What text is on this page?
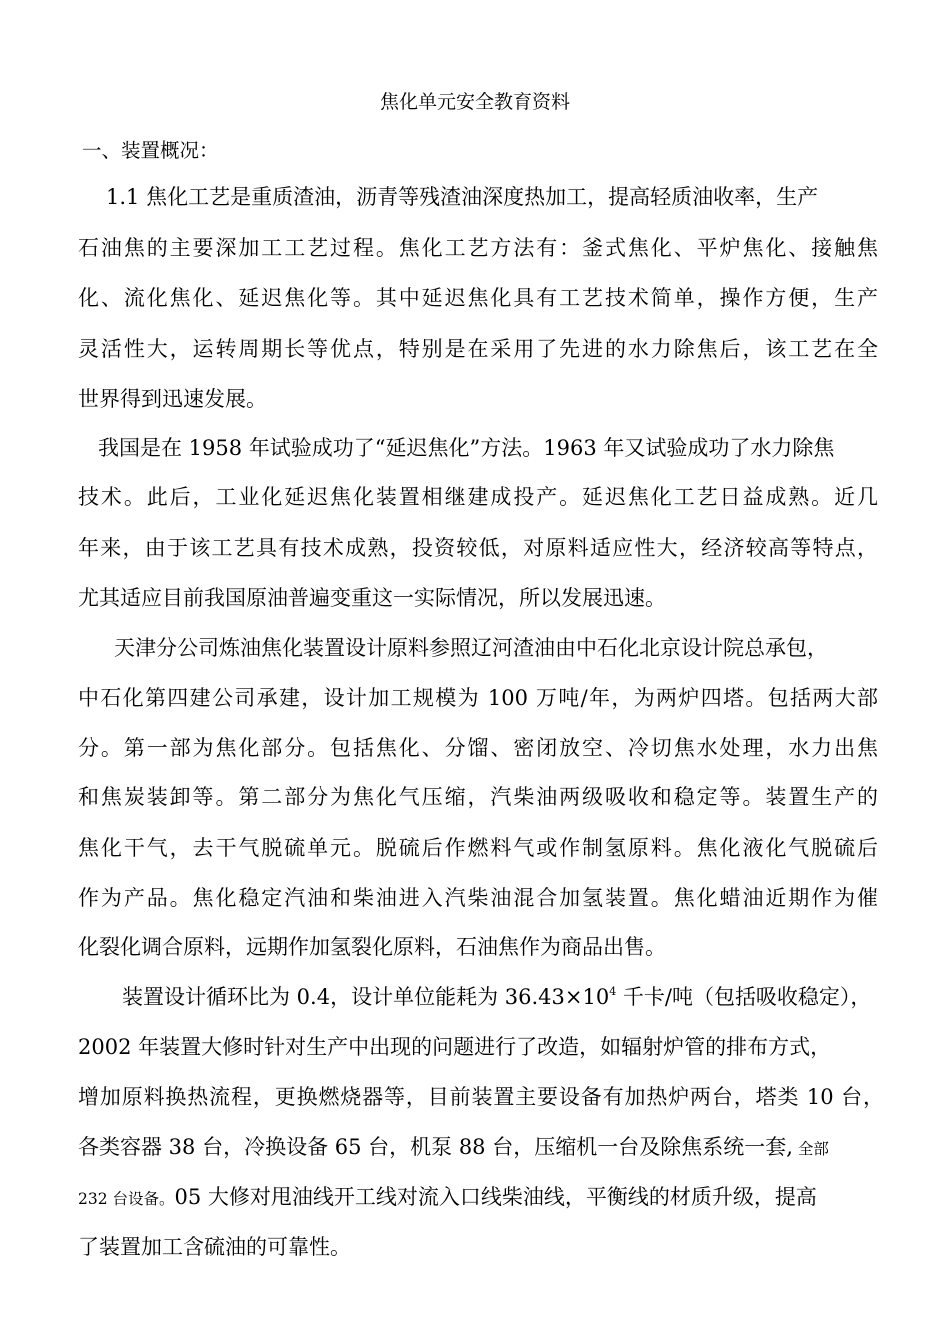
焦化单元安全教育资料
一、装置概况：
1.1 焦化工艺是重质渣油，沥青等残渣油深度热加工，提高轻质油收率，生产
石油焦的主要深加工工艺过程。焦化工艺方法有：釜式焦化、平炉焦化、接触焦
化、流化焦化、延迟焦化等。其中延迟焦化具有工艺技术简单，操作方便，生产
灵活性大，运转周期长等优点，特别是在采用了先进的水力除焦后，该工艺在全
世界得到迅速发展。
我国是在 1958 年试验成功了“延迟焦化”方法。1963 年又试验成功了水力除焦
技术。此后，工业化延迟焦化装置相继建成投产。延迟焦化工艺日益成熟。近几
年来，由于该工艺具有技术成熟，投资较低，对原料适应性大，经济较高等特点，
尤其适应目前我国原油普遍变重这一实际情况，所以发展迅速。
天津分公司炼油焦化装置设计原料参照辽河渣油由中石化北京设计院总承包，
中石化第四建公司承建，设计加工规模为 100 万吨/年，为两炉四塔。包括两大部
分。第一部为焦化部分。包括焦化、分馏、密闭放空、冷切焦水处理，水力出焦
和焦炭装卸等。第二部分为焦化气压缩，汽柴油两级吸收和稳定等。装置生产的
焦化干气，去干气脱硫单元。脱硫后作燃料气或作制氢原料。焦化液化气脱硫后
作为产品。焦化稳定汽油和柴油进入汽柴油混合加氢装置。焦化蜡油近期作为催
化裂化调合原料，远期作加氢裂化原料，石油焦作为商品出售。
装置设计循环比为 0.4，设计单位能耗为 $36.43\times 10^4$ 千卡/吨（包括吸收稳定），
2002 年装置大修时针对生产中出现的问题进行了改造，如辐射炉管的排布方式，
增加原料换热流程，更换燃烧器等，目前装置主要设备有加热炉两台，塔类 10 台，
各类容器 38 台，冷换设备 65 台，机泵 88 台，压缩机一台及除焦系统一套, 全部
232 台设备。05 大修对甩油线开工线对流入口线柴油线，平衡线的材质升级，提高
了装置加工含硫油的可靠性。
